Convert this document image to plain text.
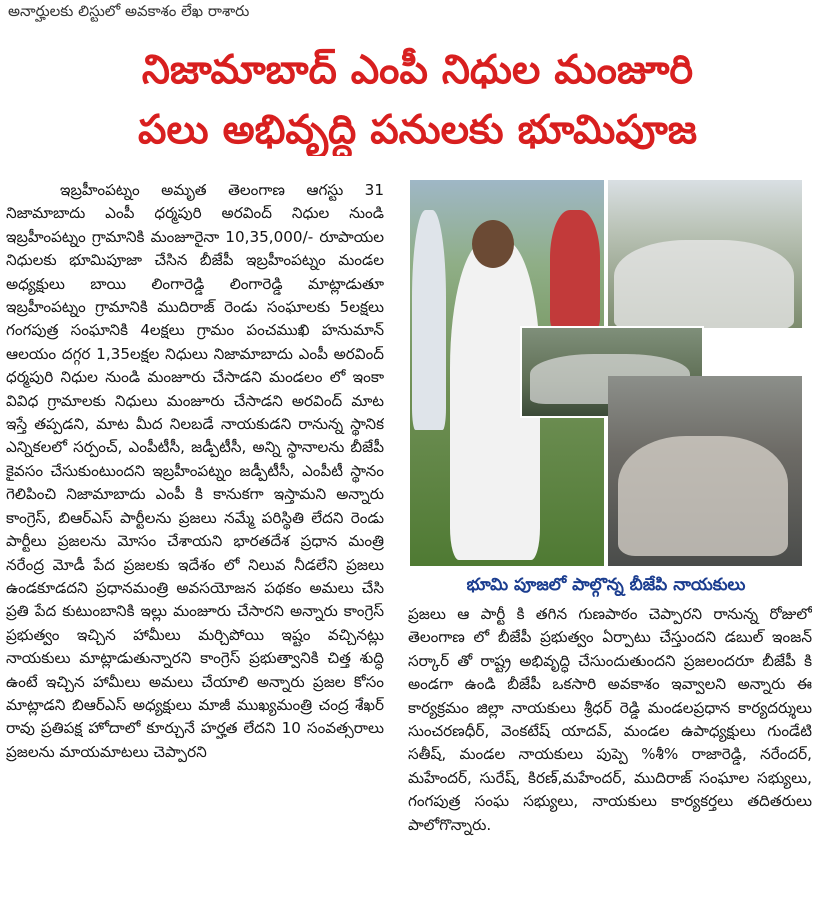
అనార్హులకు లిస్టులో అవకాశం లేఖ రాశారు
నిజామాబాద్ ఎంపీ నిధుల మంజూరి
పలు అభివృద్ధి పనులకు భూమిపూజ
ఇబ్రహీంపట్నం అమృత తెలంగాణ ఆగస్టు 31 నిజామాబాదు ఎంపీ ధర్మపురి అరవింద్ నిధుల నుండి ఇబ్రహీంపట్నం గ్రామానికి మంజూరైనా 10,35,000/- రూపాయల నిధులకు భూమిపూజా చేసిన బీజేపీ ఇబ్రహీంపట్నం మండల అధ్యక్షులు బాయి లింగారెడ్డి లింగారెడ్డి మాట్లాడుతూ ఇబ్రహీంపట్నం గ్రామానికి ముదిరాజ్ రెండు సంఘాలకు 5లక్షలు గంగపుత్ర సంఘానికి 4లక్షలు గ్రామం పంచముఖి హనుమాన్ ఆలయం దగ్గర 1,35లక్షల నిధులు నిజామాబాదు ఎంపీ అరవింద్ ధర్మపురి నిధుల నుండి మంజూరు చేసాడని మండలం లో ఇంకా వివిధ గ్రామాలకు నిధులు మంజూరు చేసాడని అరవింద్ మాట ఇస్తే తప్పడని, మాట మీద నిలబడే నాయకుడని రానున్న స్థానిక ఎన్నికలలో సర్పంచ్, ఎంపీటీసీ, జడ్పీటీసీ, అన్ని స్థానాలను బీజేపీ కైవసం చేసుకుంటుందని ఇబ్రహీంపట్నం జడ్పీటీసీ, ఎంపీటీ స్థానం గెలిపించి నిజామాబాదు ఎంపీ కి కానుకగా ఇస్తామని అన్నారు కాంగ్రెస్, బిఆర్ఎస్ పార్టీలను ప్రజలు నమ్మే పరిస్థితి లేదని రెండు పార్టీలు ప్రజలను మోసం చేశాయని భారతదేశ ప్రధాన మంత్రి నరేంద్ర మోడీ పేద ప్రజలకు ఇదేశం లో నిలువ నీడలేని ప్రజలు ఉండకూడదని ప్రధానమంత్రి అవసయోజన పథకం అమలు చేసి ప్రతి పేద కుటుంబానికి ఇల్లు మంజూరు చేసారని అన్నారు కాంగ్రెస్ ప్రభుత్వం ఇచ్చిన హామీలు మర్చిపోయి ఇష్టం వచ్చినట్లు నాయకులు మాట్లాడుతున్నారని కాంగ్రెస్ ప్రభుత్వానికి చిత్త శుద్ధి ఉంటే ఇచ్చిన హామీలు అమలు చేయాలి అన్నారు ప్రజల కోసం మాట్లాడని బిఆర్ఎస్ అధ్యక్షులు మాజీ ముఖ్యమంత్రి చంద్ర శేఖర్ రావు ప్రతిపక్ష హోదాలో కూర్చునే హర్హత లేదని 10 సంవత్సరాలు ప్రజలను మాయమాటలు చెప్పారని
భూమి పూజలో పాల్గొన్న బీజేపి నాయకులు
ప్రజలు ఆ పార్టీ కి తగిన గుణపాఠం చెప్పారని రానున్న రోజులో తెలంగాణ లో బీజేపీ ప్రభుత్వం ఏర్పాటు చేస్తుందని డబుల్ ఇంజన్ సర్కార్ తో రాష్ట్ర అభివృద్ధి చేసుందుతుందని ప్రజలందరూ బీజేపీ కి అండగా ఉండి బీజేపీ ఒకసారి అవకాశం ఇవ్వాలని అన్నారు ఈ కార్యక్రమం జిల్లా నాయకులు శ్రీధర్ రెడ్డి మండలప్రధాన కార్యదర్శులు సుంచరణధీర్, వెంకటేష్ యాదవ్, మండల ఉపాధ్యక్షులు గుండేటి సతీష్, మండల నాయకులు పుప్పె %శీ% రాజారెడ్డి, నరేందర్, మహేందర్, సురేష్, కిరణ్,మహేందర్, ముదిరాజ్ సంఘాల సభ్యులు, గంగపుత్ర సంఘ సభ్యులు, నాయకులు కార్యకర్తలు తదితరులు పాలోగొన్నారు.
